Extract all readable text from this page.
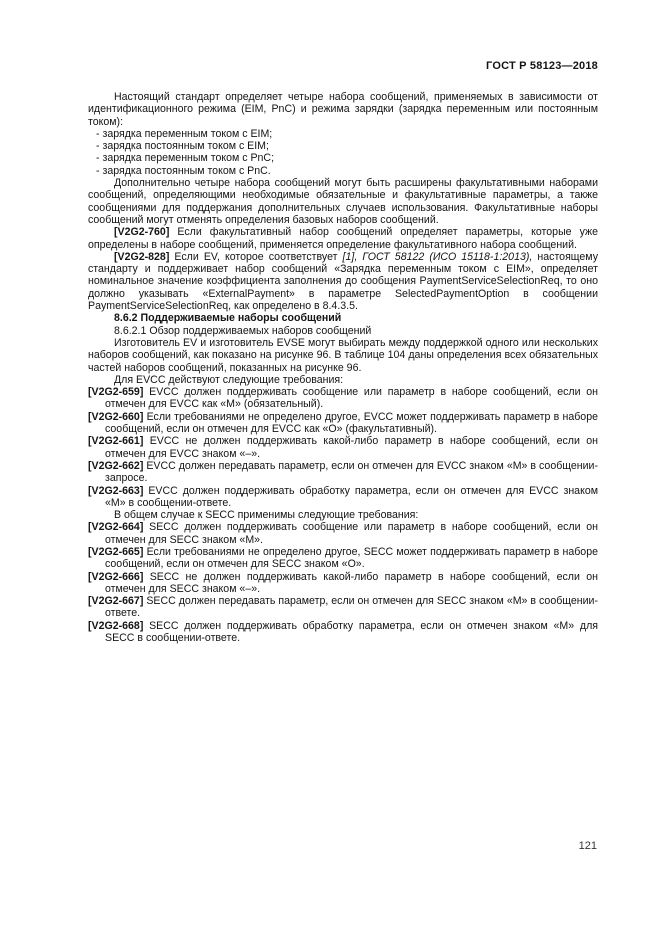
ГОСТ Р 58123—2018

Настоящий стандарт определяет четыре набора сообщений, применяемых в зависимости от идентификационного режима (EIM, PnC) и режима зарядки (зарядка переменным или постоянным током):

- зарядка переменным током с EIM;
- зарядка постоянным током с EIM;
- зарядка переменным током с PnC;
- зарядка постоянным током с PnC.

Дополнительно четыре набора сообщений могут быть расширены факультативными наборами сообщений, определяющими необходимые обязательные и факультативные параметры, а также сообщениями для поддержания дополнительных случаев использования. Факультативные наборы сообщений могут отменять определения базовых наборов сообщений.

[V2G2-760] Если факультативный набор сообщений определяет параметры, которые уже определены в наборе сообщений, применяется определение факультативного набора сообщений.

[V2G2-828] Если EV, которое соответствует [1], ГОСТ 58122 (ИСО 15118-1:2013), настоящему стандарту и поддерживает набор сообщений «Зарядка переменным током с EIM», определяет номинальное значение коэффициента заполнения до сообщения PaymentServiceSelectionReq, то оно должно указывать «ExternalPayment» в параметре SelectedPaymentOption в сообщении PaymentServiceSelectionReq, как определено в 8.4.3.5.

8.6.2 Поддерживаемые наборы сообщений

8.6.2.1 Обзор поддерживаемых наборов сообщений

Изготовитель EV и изготовитель EVSE могут выбирать между поддержкой одного или нескольких наборов сообщений, как показано на рисунке 96. В таблице 104 даны определения всех обязательных частей наборов сообщений, показанных на рисунке 96.

Для EVCC действуют следующие требования:

[V2G2-659] EVCC должен поддерживать сообщение или параметр в наборе сообщений, если он отмечен для EVCC как «М» (обязательный).

[V2G2-660] Если требованиями не определено другое, EVCC может поддерживать параметр в наборе сообщений, если он отмечен для EVCC как «О» (факультативный).

[V2G2-661] EVCC не должен поддерживать какой-либо параметр в наборе сообщений, если он отмечен для EVCC знаком «–».

[V2G2-662] EVCC должен передавать параметр, если он отмечен для EVCC знаком «М» в сообщении-запросе.

[V2G2-663] EVCC должен поддерживать обработку параметра, если он отмечен для EVCC знаком «М» в сообщении-ответе.

В общем случае к SECC применимы следующие требования:

[V2G2-664] SECC должен поддерживать сообщение или параметр в наборе сообщений, если он отмечен для SECC знаком «М».

[V2G2-665] Если требованиями не определено другое, SECC может поддерживать параметр в наборе сообщений, если он отмечен для SECC знаком «О».

[V2G2-666] SECC не должен поддерживать какой-либо параметр в наборе сообщений, если он отмечен для SECC знаком «–».

[V2G2-667] SECC должен передавать параметр, если он отмечен для SECC знаком «М» в сообщении-ответе.

[V2G2-668] SECC должен поддерживать обработку параметра, если он отмечен знаком «М» для SECC в сообщении-ответе.

121
